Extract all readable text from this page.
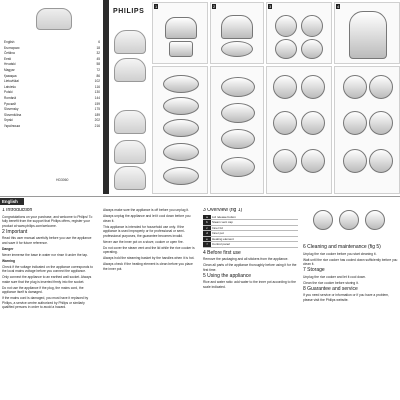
English	6
Български	18
Čeština	32
Eesti	45
Hrvatski	58
Magyar	72
Қазақша	86
Lietuviškai	102
Latviešu	116
Polski	130
Română	144
Русский	159
Slovensky	175
Slovenščina	189
Srpski	202
Українська	216
HD3060
PHILIPS
1	2	3	4
English
1 Introduction

Congratulations on your purchase, and welcome to Philips! To fully benefit from the support that Philips offers, register your product at www.philips.com/welcome.

2 Important

Read this user manual carefully before you use the appliance and save it for future reference.

Danger

Never immerse the base in water nor rinse it under the tap.

Warning

Check if the voltage indicated on the appliance corresponds to the local mains voltage before you connect the appliance.

Only connect the appliance to an earthed wall socket. Always make sure that the plug is inserted firmly into the socket.

Do not use the appliance if the plug, the mains cord, the appliance itself is damaged.

If the mains cord is damaged, you must have it replaced by Philips, a service centre authorized by Philips or similarly qualified persons in order to avoid a hazard.

Always make sure the appliance is off before you unplug it.

Always unplug the appliance and let it cool down before you clean it.

This appliance is intended for household use only. If the appliance is used improperly or for professional or semi-professional purposes, the guarantee becomes invalid.

Never use the inner pot on a stove, cooker or open fire.

Do not cover the steam vent and the lid while the rice cooker is operating.

Always hold the steaming basket by the handles when it is hot.

Always check if the heating element is clean before you place the inner pot.

3 Overview (fig 1)
a	Lid release button
b	Steam vent cap
c	Inner lid
d	Inner pot
e	Heating element
f	Control panel
4 Before first use

Remove the packaging and all stickers from the appliance.

Clean all parts of the appliance thoroughly before using it for the first time.

5 Using the appliance

Rice and water ratio: add water to the inner pot according to the scale indicated.

6 Cleaning and maintenance (fig 5)

Unplug the rice cooker before you start cleaning it.

Wait until the rice cooker has cooled down sufficiently before you clean it.

7 Storage

Unplug the rice cooker and let it cool down.

Clean the rice cooker before storing it.

8 Guarantee and service

If you need service or information or if you have a problem, please visit the Philips website.
